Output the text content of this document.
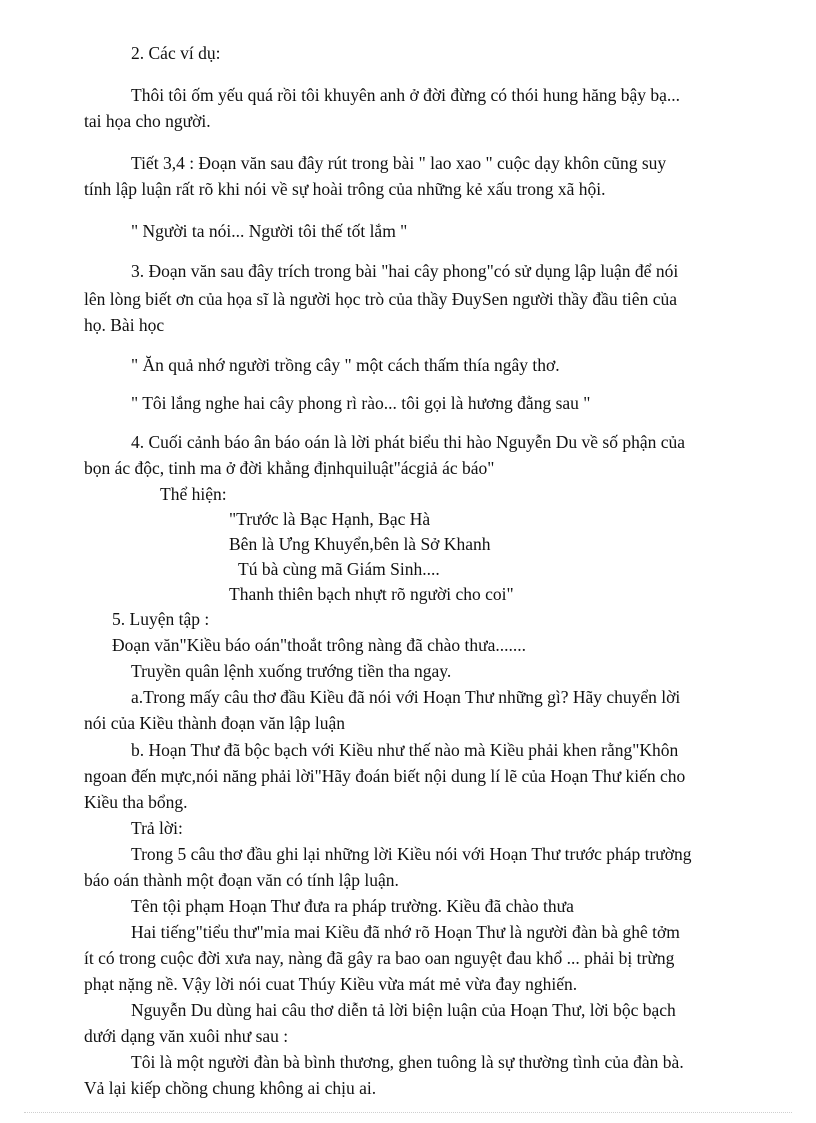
2. Các ví dụ:
Thôi tôi ốm yếu quá rồi tôi khuyên anh ở đời đừng có thói hung hăng bậy bạ...
tai họa cho người.
Tiết 3,4 : Đoạn văn sau đây rút trong bài " lao xao " cuộc dạy khôn cũng suy
tính lập luận rất rõ khi nói về sự hoài trông của những kẻ xấu trong xã hội.
" Người ta nói... Người tôi thế tốt lắm "
3. Đoạn văn sau đây trích trong bài "hai cây phong"có sử dụng lập luận để nói
lên lòng biết ơn của họa sĩ là người học trò của thầy ĐuySen người thầy đầu tiên của
họ. Bài học
" Ăn quả nhớ người trồng cây " một cách thấm thía ngây thơ.
" Tôi lắng nghe hai cây phong rì rào... tôi gọi là hương đằng sau "
4. Cuối cảnh báo ân báo oán là lời phát biểu thi hào Nguyễn Du về số phận của
bọn ác độc, tinh ma ở đời khẳng địnhquiluật"ácgiả ác báo"
Thể hiện:
"Trước là Bạc Hạnh, Bạc Hà
Bên là Ưng Khuyển,bên là Sở Khanh
Tú bà cùng mã Giám Sinh....
Thanh thiên bạch nhựt rõ người cho coi"
5. Luyện tập :
Đoạn văn"Kiều báo oán"thoắt trông nàng đã chào thưa.......
Truyền quân lệnh xuống trướng tiền tha ngay.
a.Trong mấy câu thơ đầu Kiều đã nói với Hoạn Thư những gì? Hãy chuyển lời
nói của Kiều thành đoạn văn lập luận
b. Hoạn Thư đã bộc bạch với Kiều như thế nào mà Kiều phải khen rằng"Khôn
ngoan đến mực,nói năng phải lời"Hãy đoán biết nội dung lí lẽ của Hoạn Thư kiến cho
Kiều tha bổng.
Trả lời:
Trong 5 câu thơ đầu ghi lại những lời Kiều nói với Hoạn Thư trước pháp trường
báo oán thành một đoạn văn có tính lập luận.
Tên tội phạm Hoạn Thư đưa ra pháp trường. Kiều đã chào thưa
Hai tiếng"tiểu thư"mỉa mai Kiều đã nhớ rõ Hoạn Thư là người đàn bà ghê tởm
ít có trong cuộc đời xưa nay, nàng đã gây ra bao oan nguyệt đau khổ ... phải bị trừng
phạt nặng nề. Vậy lời nói cuat Thúy Kiều vừa mát mẻ vừa đay nghiến.
Nguyễn Du dùng hai câu thơ diễn tả lời biện luận của Hoạn Thư, lời bộc bạch
dưới dạng văn xuôi như sau :
Tôi là một người đàn bà bình thương, ghen tuông là sự thường tình của đàn bà.
Vả lại kiếp chồng chung không ai chịu ai.
